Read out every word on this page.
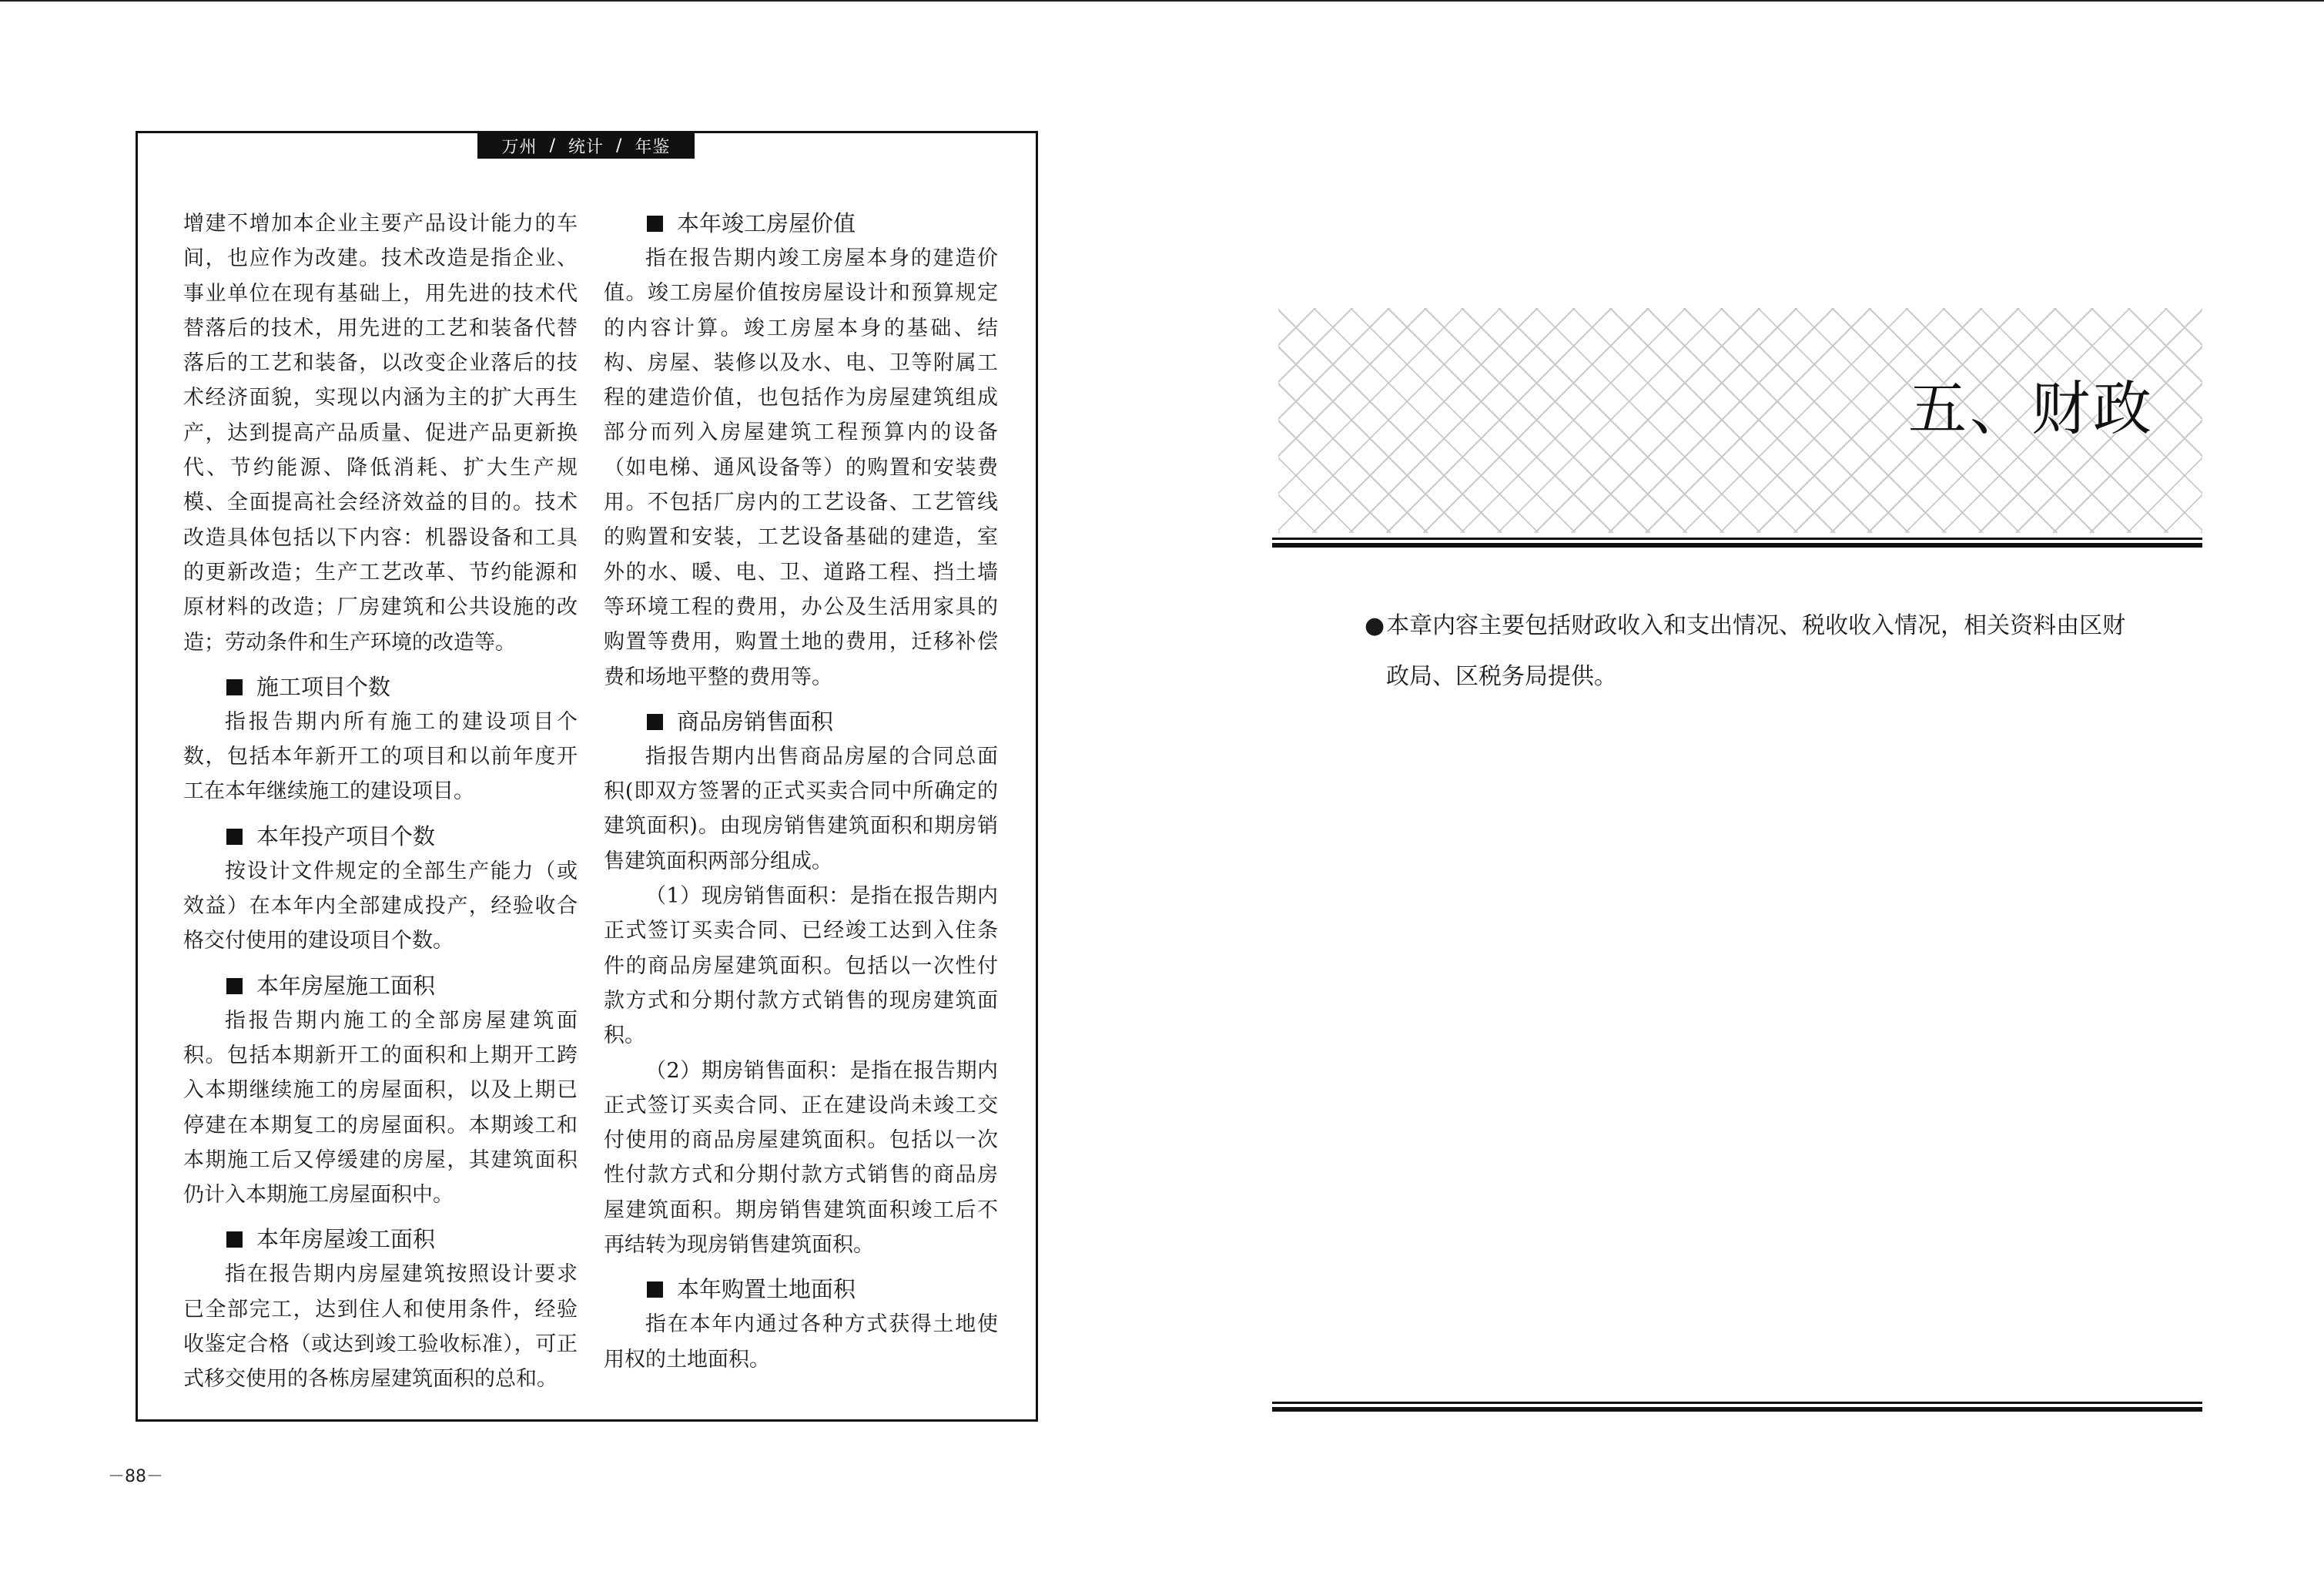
万州
/
统计
/
年鉴

增建不增加本企业主要产品设计能力的车间，也应作为改建。技术改造是指企业、事业单位在现有基础上，用先进的技术代替落后的技术，用先进的工艺和装备代替落后的工艺和装备，以改变企业落后的技术经济面貌，实现以内涵为主的扩大再生产，达到提高产品质量、促进产品更新换代、节约能源、降低消耗、扩大生产规模、全面提高社会经济效益的目的。技术改造具体包括以下内容：机器设备和工具的更新改造；生产工艺改革、节约能源和原材料的改造；厂房建筑和公共设施的改造；劳动条件和生产环境的改造等。

施工项目个数

指报告期内所有施工的建设项目个数，包括本年新开工的项目和以前年度开工在本年继续施工的建设项目。

本年投产项目个数

按设计文件规定的全部生产能力（或效益）在本年内全部建成投产，经验收合格交付使用的建设项目个数。

本年房屋施工面积

指报告期内施工的全部房屋建筑面积。包括本期新开工的面积和上期开工跨入本期继续施工的房屋面积，以及上期已停建在本期复工的房屋面积。本期竣工和本期施工后又停缓建的房屋，其建筑面积仍计入本期施工房屋面积中。

本年房屋竣工面积

指在报告期内房屋建筑按照设计要求已全部完工，达到住人和使用条件，经验收鉴定合格（或达到竣工验收标准），可正式移交使用的各栋房屋建筑面积的总和。

本年竣工房屋价值

指在报告期内竣工房屋本身的建造价值。竣工房屋价值按房屋设计和预算规定的内容计算。竣工房屋本身的基础、结构、房屋、装修以及水、电、卫等附属工程的建造价值，也包括作为房屋建筑组成部分而列入房屋建筑工程预算内的设备（如电梯、通风设备等）的购置和安装费用。不包括厂房内的工艺设备、工艺管线的购置和安装，工艺设备基础的建造，室外的水、暖、电、卫、道路工程、挡土墙等环境工程的费用，办公及生活用家具的购置等费用，购置土地的费用，迁移补偿费和场地平整的费用等。

商品房销售面积

指报告期内出售商品房屋的合同总面积(即双方签署的正式买卖合同中所确定的建筑面积)。由现房销售建筑面积和期房销售建筑面积两部分组成。

（1）现房销售面积：是指在报告期内正式签订买卖合同、已经竣工达到入住条件的商品房屋建筑面积。包括以一次性付款方式和分期付款方式销售的现房建筑面积。

（2）期房销售面积：是指在报告期内正式签订买卖合同、正在建设尚未竣工交付使用的商品房屋建筑面积。包括以一次性付款方式和分期付款方式销售的商品房屋建筑面积。期房销售建筑面积竣工后不再结转为现房销售建筑面积。

本年购置土地面积

指在本年内通过各种方式获得土地使用权的土地面积。

－88－
五、财政

●本章内容主要包括财政收入和支出情况、税收收入情况，相关资料由区财政局、区税务局提供。
